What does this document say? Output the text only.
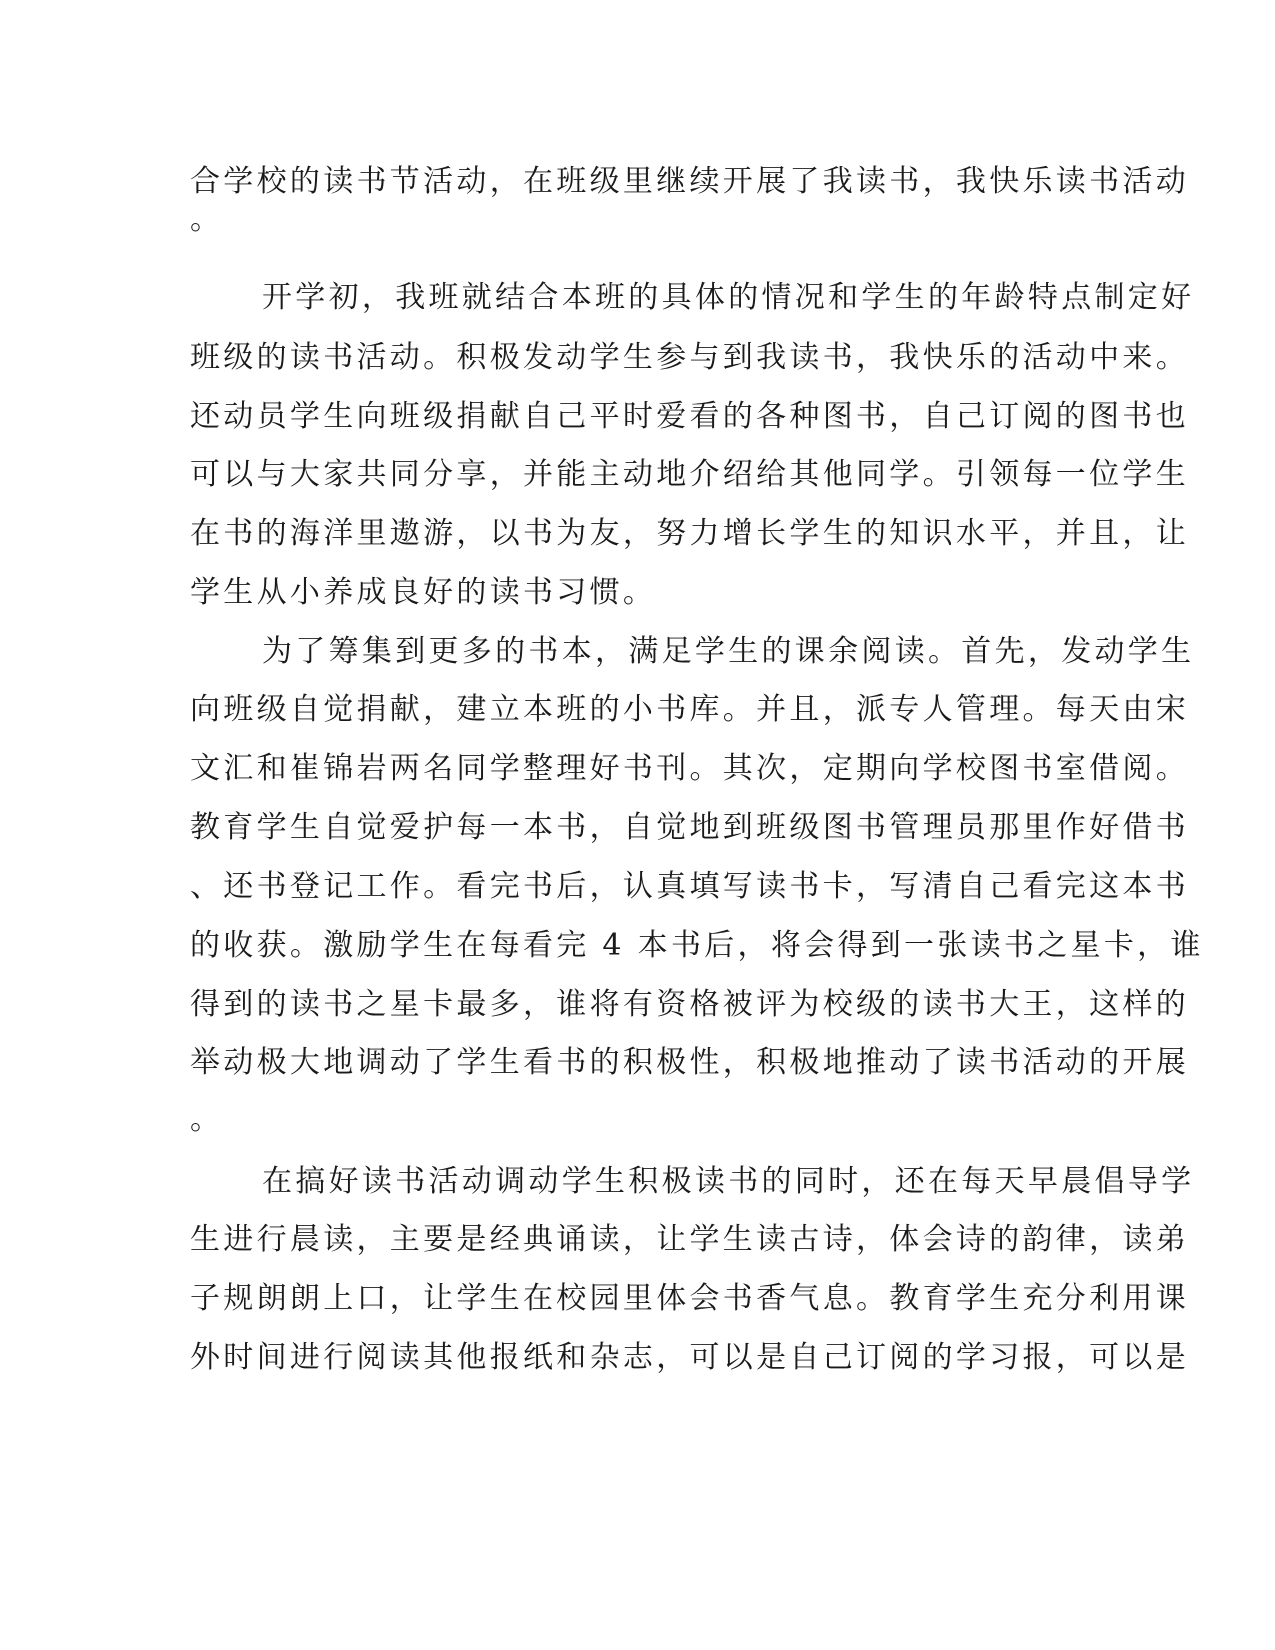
合学校的读书节活动，在班级里继续开展了我读书，我快乐读书活动
。
开学初，我班就结合本班的具体的情况和学生的年龄特点制定好
班级的读书活动。积极发动学生参与到我读书，我快乐的活动中来。
还动员学生向班级捐献自己平时爱看的各种图书，自己订阅的图书也
可以与大家共同分享，并能主动地介绍给其他同学。引领每一位学生
在书的海洋里遨游，以书为友，努力增长学生的知识水平，并且，让
学生从小养成良好的读书习惯。
为了筹集到更多的书本，满足学生的课余阅读。首先，发动学生
向班级自觉捐献，建立本班的小书库。并且，派专人管理。每天由宋
文汇和崔锦岩两名同学整理好书刊。其次，定期向学校图书室借阅。
教育学生自觉爱护每一本书，自觉地到班级图书管理员那里作好借书
、还书登记工作。看完书后，认真填写读书卡，写清自己看完这本书
的收获。激励学生在每看完 4 本书后，将会得到一张读书之星卡，谁
得到的读书之星卡最多，谁将有资格被评为校级的读书大王，这样的
举动极大地调动了学生看书的积极性，积极地推动了读书活动的开展
。
在搞好读书活动调动学生积极读书的同时，还在每天早晨倡导学
生进行晨读，主要是经典诵读，让学生读古诗，体会诗的韵律，读弟
子规朗朗上口，让学生在校园里体会书香气息。教育学生充分利用课
外时间进行阅读其他报纸和杂志，可以是自己订阅的学习报，可以是
